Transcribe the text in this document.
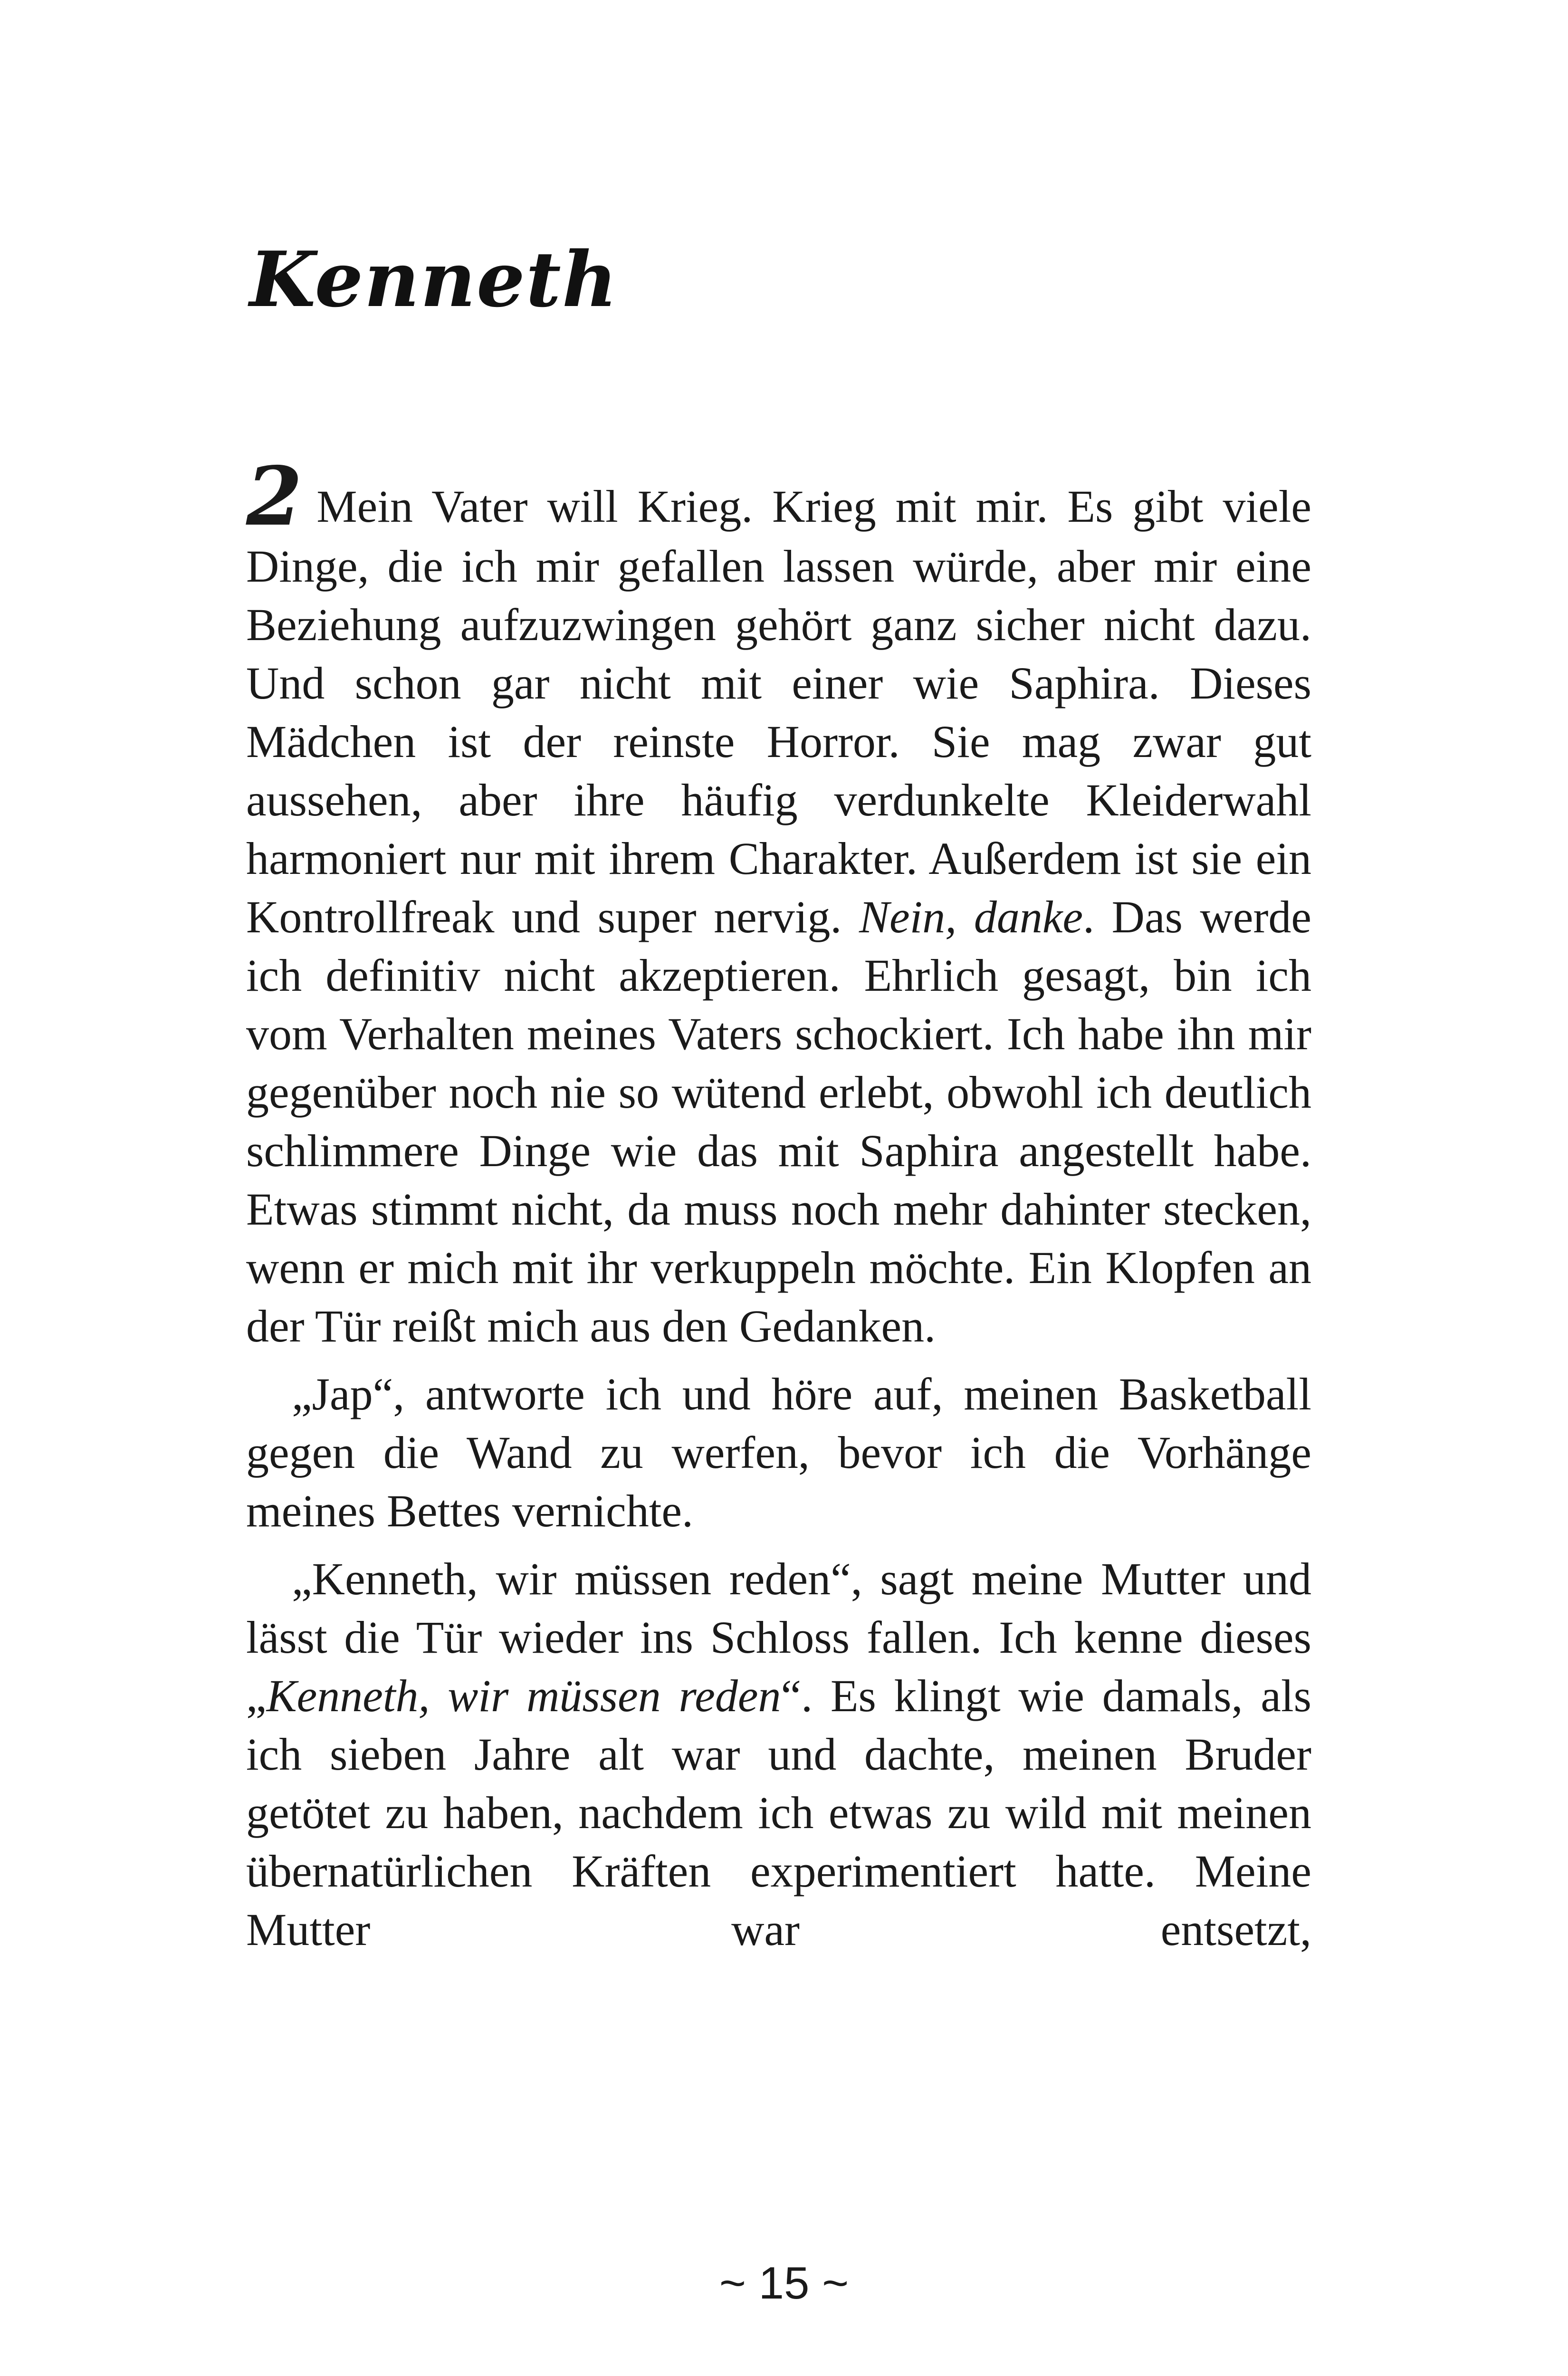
Kenneth

2 Mein Vater will Krieg. Krieg mit mir. Es gibt viele Dinge, die ich mir gefallen lassen würde, aber mir eine Beziehung aufzuzwingen gehört ganz sicher nicht dazu. Und schon gar nicht mit einer wie Saphira. Dieses Mädchen ist der reinste Horror. Sie mag zwar gut aussehen, aber ihre häufig verdunkelte Kleiderwahl harmoniert nur mit ihrem Charakter. Außerdem ist sie ein Kontrollfreak und super nervig. Nein, danke. Das werde ich definitiv nicht akzeptieren. Ehrlich gesagt, bin ich vom Verhalten meines Vaters schockiert. Ich habe ihn mir gegenüber noch nie so wütend erlebt, obwohl ich deutlich schlimmere Dinge wie das mit Saphira angestellt habe. Etwas stimmt nicht, da muss noch mehr dahinter stecken, wenn er mich mit ihr verkuppeln möchte. Ein Klopfen an der Tür reißt mich aus den Gedanken.

„Jap“, antworte ich und höre auf, meinen Basketball gegen die Wand zu werfen, bevor ich die Vorhänge meines Bettes vernichte.

„Kenneth, wir müssen reden“, sagt meine Mutter und lässt die Tür wieder ins Schloss fallen. Ich kenne dieses „Kenneth, wir müssen reden“. Es klingt wie damals, als ich sieben Jahre alt war und dachte, meinen Bruder getötet zu haben, nachdem ich etwas zu wild mit meinen übernatürlichen Kräften experimentiert hatte. Meine Mutter war entsetzt,

~ 15 ~
